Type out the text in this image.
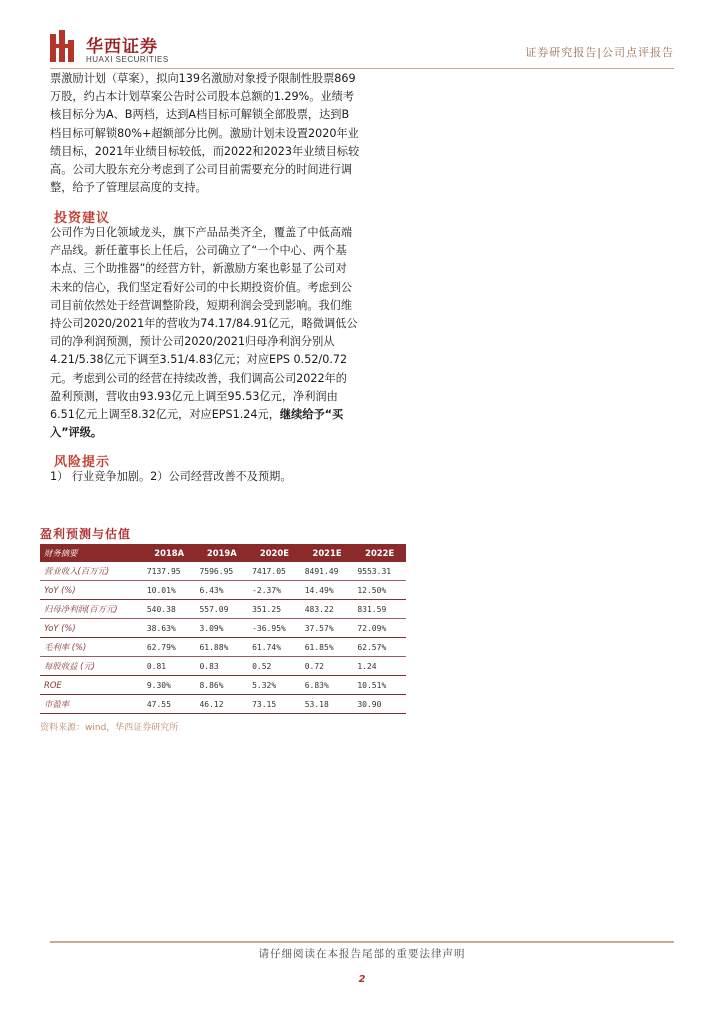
华西证券
HUAXI SECURITIES
证券研究报告|公司点评报告
票激励计划（草案），拟向139名激励对象授予限制性股票869
万股，约占本计划草案公告时公司股本总额的1.29%。业绩考
核目标分为A、B两档，达到A档目标可解锁全部股票，达到B
档目标可解锁80%+超额部分比例。激励计划未设置2020年业
绩目标，2021年业绩目标较低，而2022和2023年业绩目标较
高。公司大股东充分考虑到了公司目前需要充分的时间进行调
整，给予了管理层高度的支持。
投资建议
公司作为日化领域龙头，旗下产品品类齐全，覆盖了中低高端
产品线。新任董事长上任后，公司确立了“一个中心、两个基
本点、三个助推器”的经营方针，新激励方案也彰显了公司对
未来的信心，我们坚定看好公司的中长期投资价值。考虑到公
司目前依然处于经营调整阶段，短期利润会受到影响。我们维
持公司2020/2021年的营收为74.17/84.91亿元，略微调低公
司的净利润预测，预计公司2020/2021归母净利润分别从
4.21/5.38亿元下调至3.51/4.83亿元；对应EPS 0.52/0.72
元。考虑到公司的经营在持续改善，我们调高公司2022年的
盈利预测，营收由93.93亿元上调至95.53亿元，净利润由
6.51亿元上调至8.32亿元，对应EPS1.24元，继续给予“买
入”评级。
风险提示
1） 行业竞争加剧。2）公司经营改善不及预期。
盈利预测与估值
财务摘要	2018A	2019A	2020E	2021E	2022E
营业收入(百万元)	7137.95	7596.95	7417.05	8491.49	9553.31
YoY (%)	10.01%	6.43%	-2.37%	14.49%	12.50%
归母净利润(百万元)	540.38	557.09	351.25	483.22	831.59
YoY (%)	38.63%	3.09%	-36.95%	37.57%	72.09%
毛利率 (%)	62.79%	61.88%	61.74%	61.85%	62.57%
每股收益 (元)	0.81	0.83	0.52	0.72	1.24
ROE	9.30%	8.86%	5.32%	6.83%	10.51%
市盈率	47.55	46.12	73.15	53.18	30.90
资料来源：wind，华西证券研究所
请仔细阅读在本报告尾部的重要法律声明
2
